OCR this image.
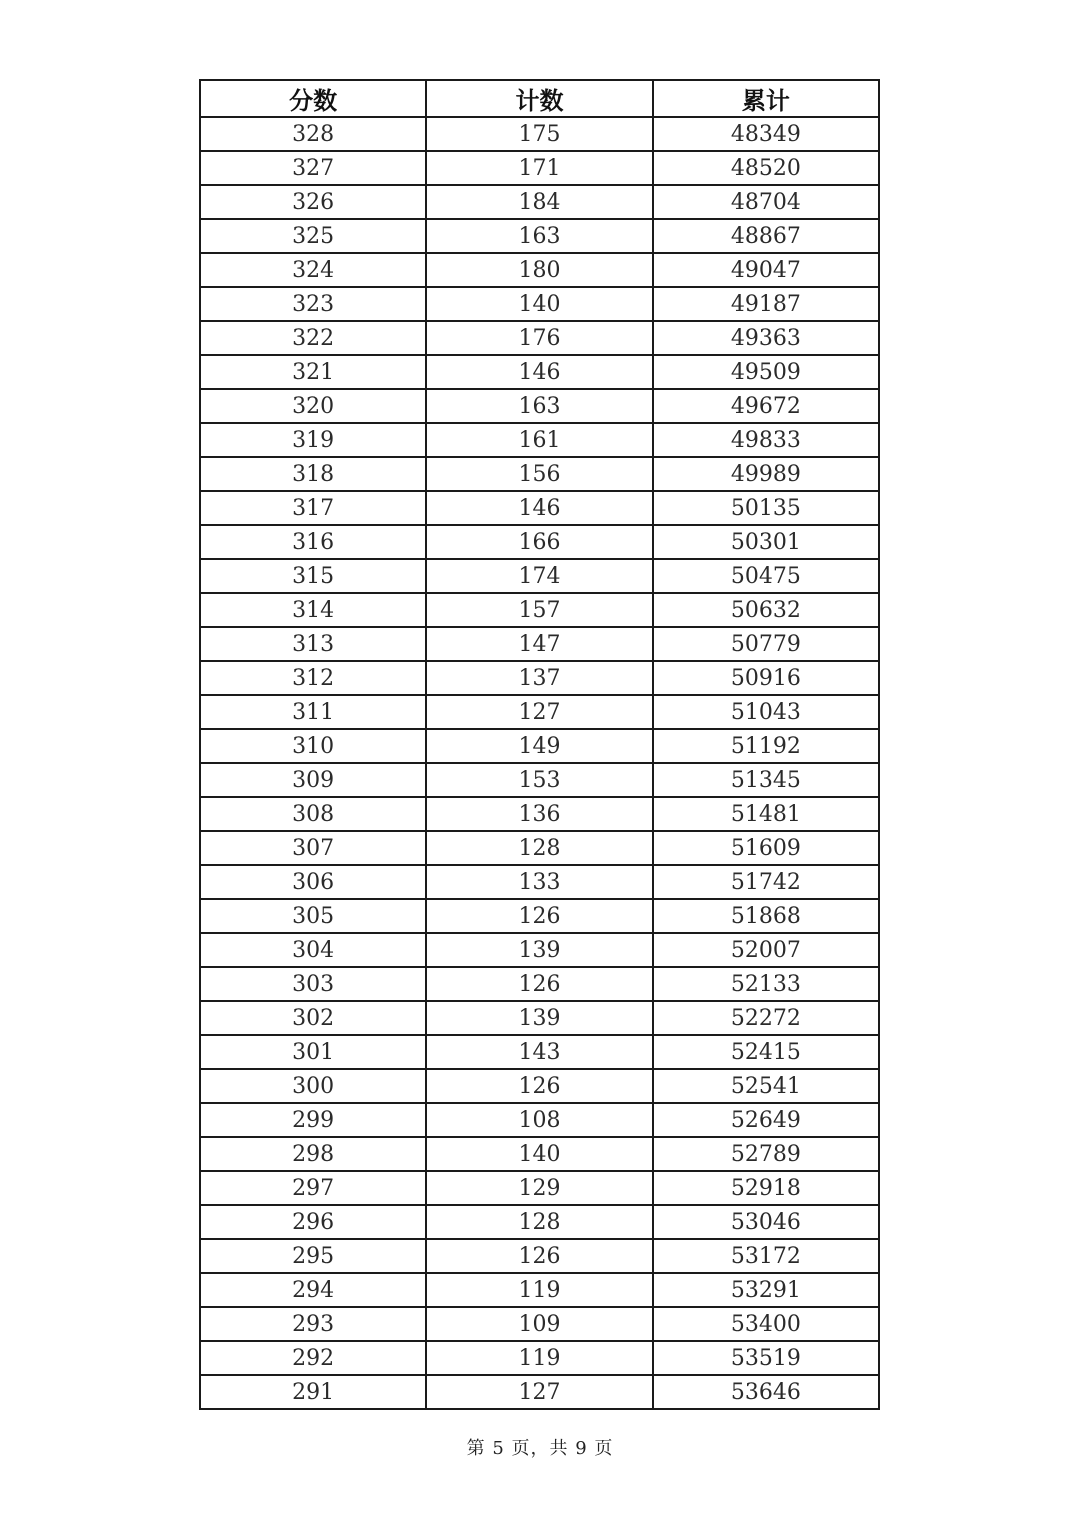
分数	计数	累计
328	175	48349
327	171	48520
326	184	48704
325	163	48867
324	180	49047
323	140	49187
322	176	49363
321	146	49509
320	163	49672
319	161	49833
318	156	49989
317	146	50135
316	166	50301
315	174	50475
314	157	50632
313	147	50779
312	137	50916
311	127	51043
310	149	51192
309	153	51345
308	136	51481
307	128	51609
306	133	51742
305	126	51868
304	139	52007
303	126	52133
302	139	52272
301	143	52415
300	126	52541
299	108	52649
298	140	52789
297	129	52918
296	128	53046
295	126	53172
294	119	53291
293	109	53400
292	119	53519
291	127	53646
第 5 页，共 9 页
